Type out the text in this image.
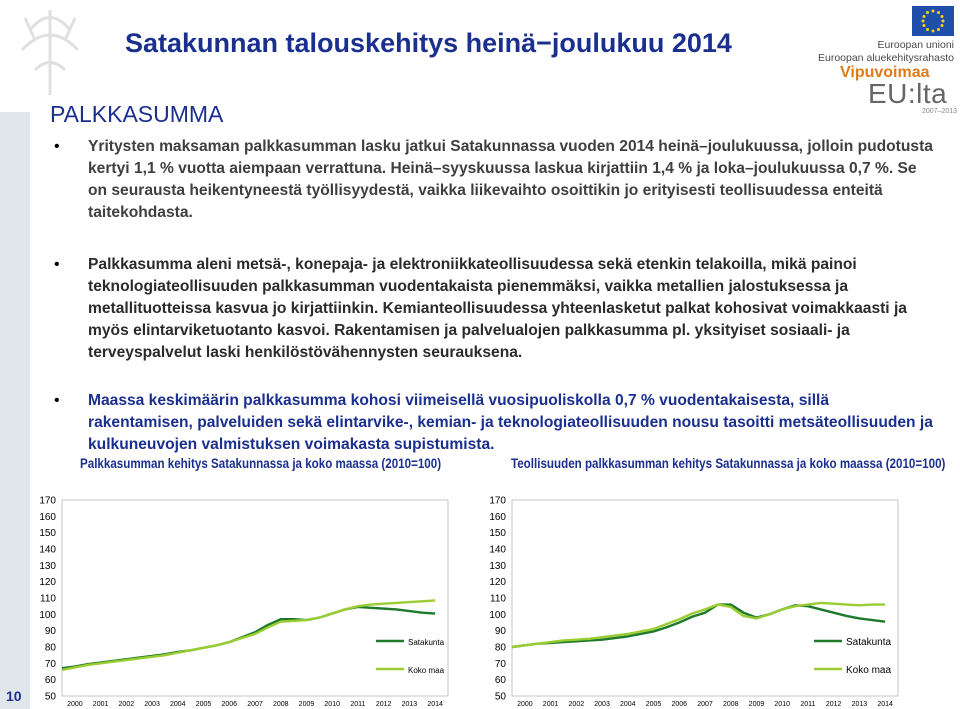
Satakunnan talouskehitys heinä−joulukuu 2014
PALKKASUMMA
Euroopan unioni
Euroopan aluekehitysrahasto
Vipuvoimaa
EU:lta
2007–2013
• Yritysten maksaman palkkasumman lasku jatkui Satakunnassa vuoden 2014 heinä–joulukuussa, jolloin pudotusta kertyi 1,1 % vuotta aiempaan verrattuna. Heinä–syyskuussa laskua kirjattiin 1,4 % ja loka–joulukuussa 0,7 %. Se on seurausta heikentyneestä työllisyydestä, vaikka liikevaihto osoittikin jo erityisesti teollisuudessa enteitä taitekohdasta.
• Palkkasumma aleni metsä-, konepaja- ja elektroniikkateollisuudessa sekä etenkin telakoilla, mikä painoi teknologiateollisuuden palkkasumman vuodentakaista pienemmäksi, vaikka metallien jalostuksessa ja metallituotteissa kasvua jo kirjattiinkin. Kemianteollisuudessa yhteenlasketut palkat kohosivat voimakkaasti ja myös elintarviketuotanto kasvoi. Rakentamisen ja palvelualojen palkkasumma pl. yksityiset sosiaali- ja terveyspalvelut laski henkilöstövähennysten seurauksena.
• Maassa keskimäärin palkkasumma kohosi viimeisellä vuosipuoliskolla 0,7 % vuodentakaisesta, sillä rakentamisen, palveluiden sekä elintarvike-, kemian- ja teknologiateollisuuden nousu tasoitti metsäteollisuuden ja kulkuneuvojen valmistuksen voimakasta supistumista.
Palkkasumman kehitys Satakunnassa ja koko maassa (2010=100)	Teollisuuden palkkasumman kehitys Satakunnassa ja koko maassa (2010=100)
50
60
70
80
90
100
110
120
130
140
150
160
170
2000 2001 2002 2003 2004 2005 2006 2007 2008 2009 2010 2011 2012 2013 2014
Satakunta
Koko maa
50
60
70
80
90
100
110
120
130
140
150
160
170
2000 2001 2002 2003 2004 2005 2006 2007 2008 2009 2010 2011 2012 2013 2014
Satakunta
Koko maa
10
